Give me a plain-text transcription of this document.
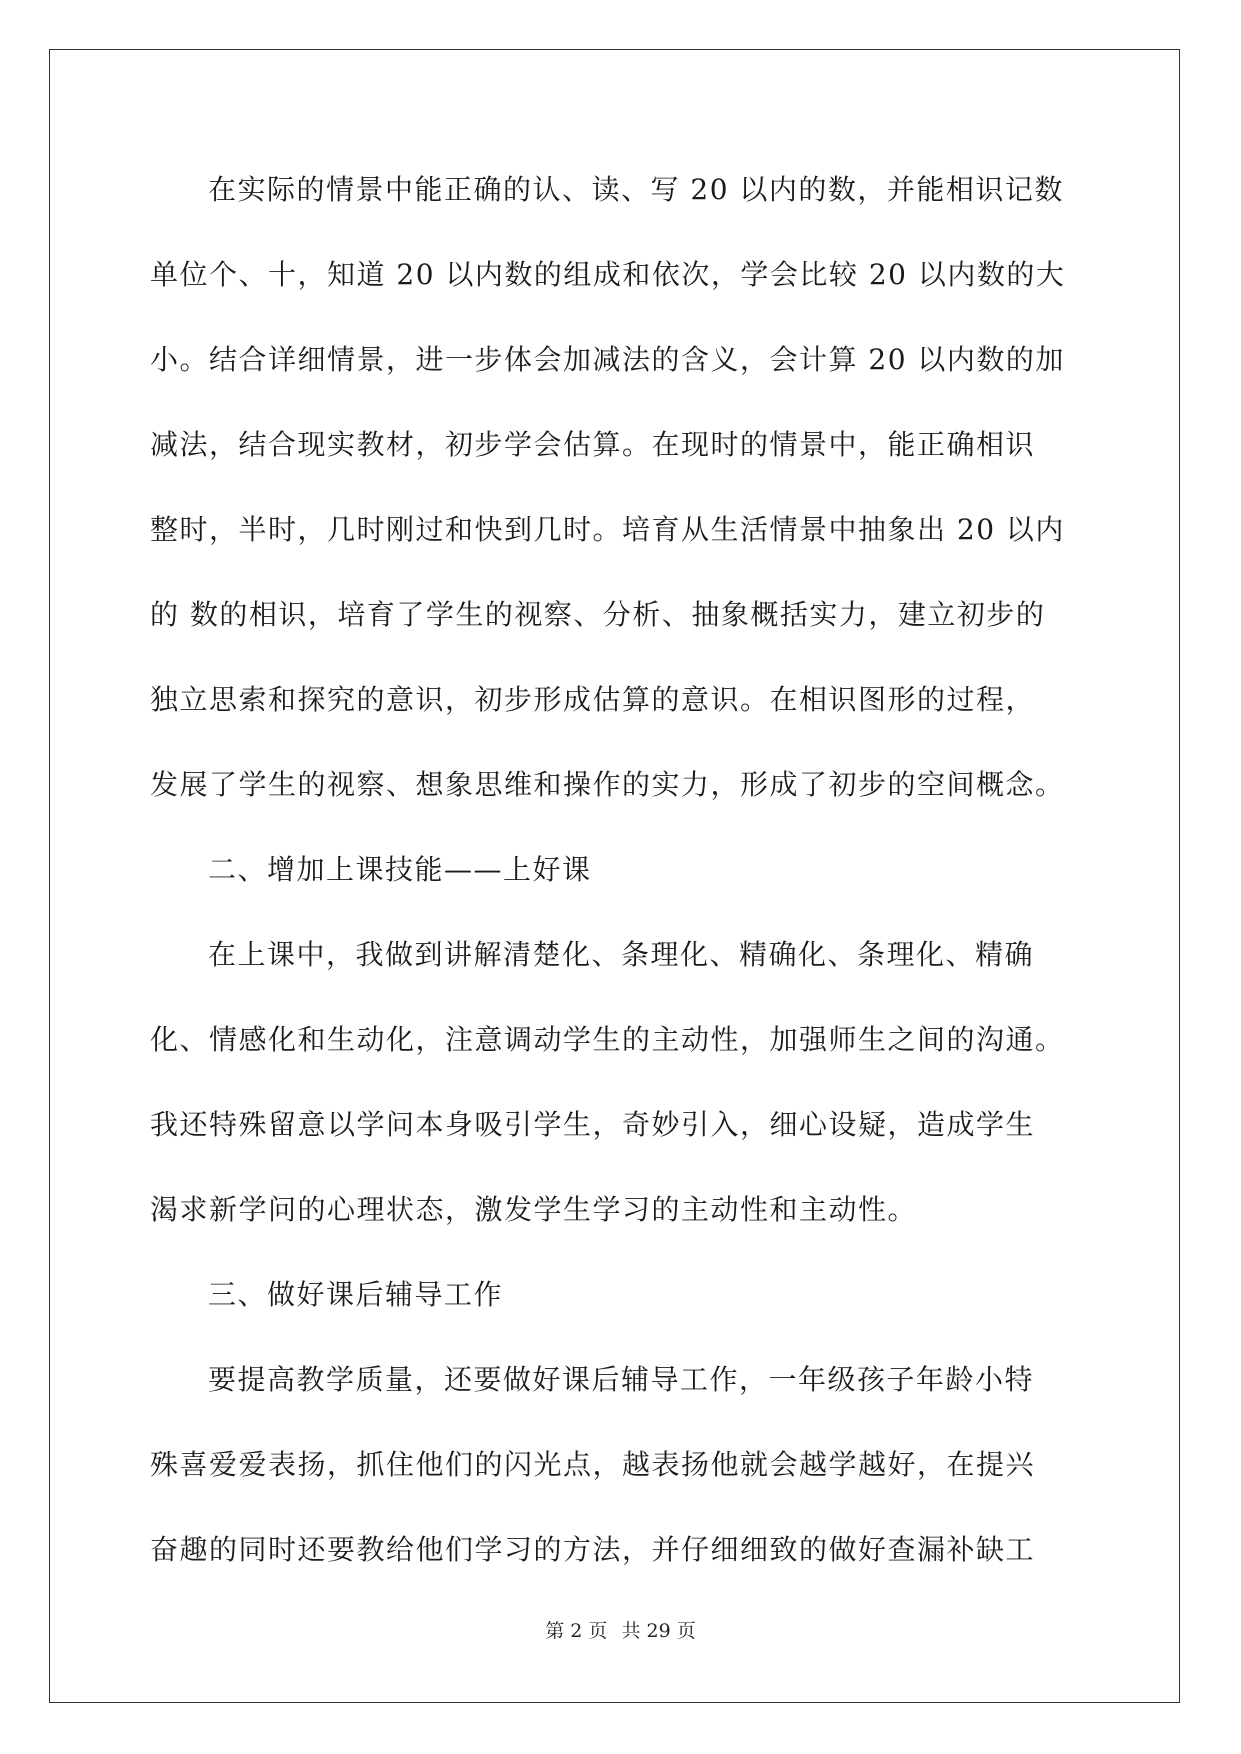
在实际的情景中能正确的认、读、写 20 以内的数，并能相识记数
单位个、十，知道 20 以内数的组成和依次，学会比较 20 以内数的大
小。结合详细情景，进一步体会加减法的含义，会计算 20 以内数的加
减法，结合现实教材，初步学会估算。在现时的情景中，能正确相识
整时，半时，几时刚过和快到几时。培育从生活情景中抽象出 20 以内
的 数的相识，培育了学生的视察、分析、抽象概括实力，建立初步的
独立思索和探究的意识，初步形成估算的意识。在相识图形的过程，
发展了学生的视察、想象思维和操作的实力，形成了初步的空间概念。
二、增加上课技能——上好课
在上课中，我做到讲解清楚化、条理化、精确化、条理化、精确
化、情感化和生动化，注意调动学生的主动性，加强师生之间的沟通。
我还特殊留意以学问本身吸引学生，奇妙引入，细心设疑，造成学生
渴求新学问的心理状态，激发学生学习的主动性和主动性。
三、做好课后辅导工作
要提高教学质量，还要做好课后辅导工作，一年级孩子年龄小特
殊喜爱爱表扬，抓住他们的闪光点，越表扬他就会越学越好，在提兴
奋趣的同时还要教给他们学习的方法，并仔细细致的做好查漏补缺工
第 2 页 共 29 页
